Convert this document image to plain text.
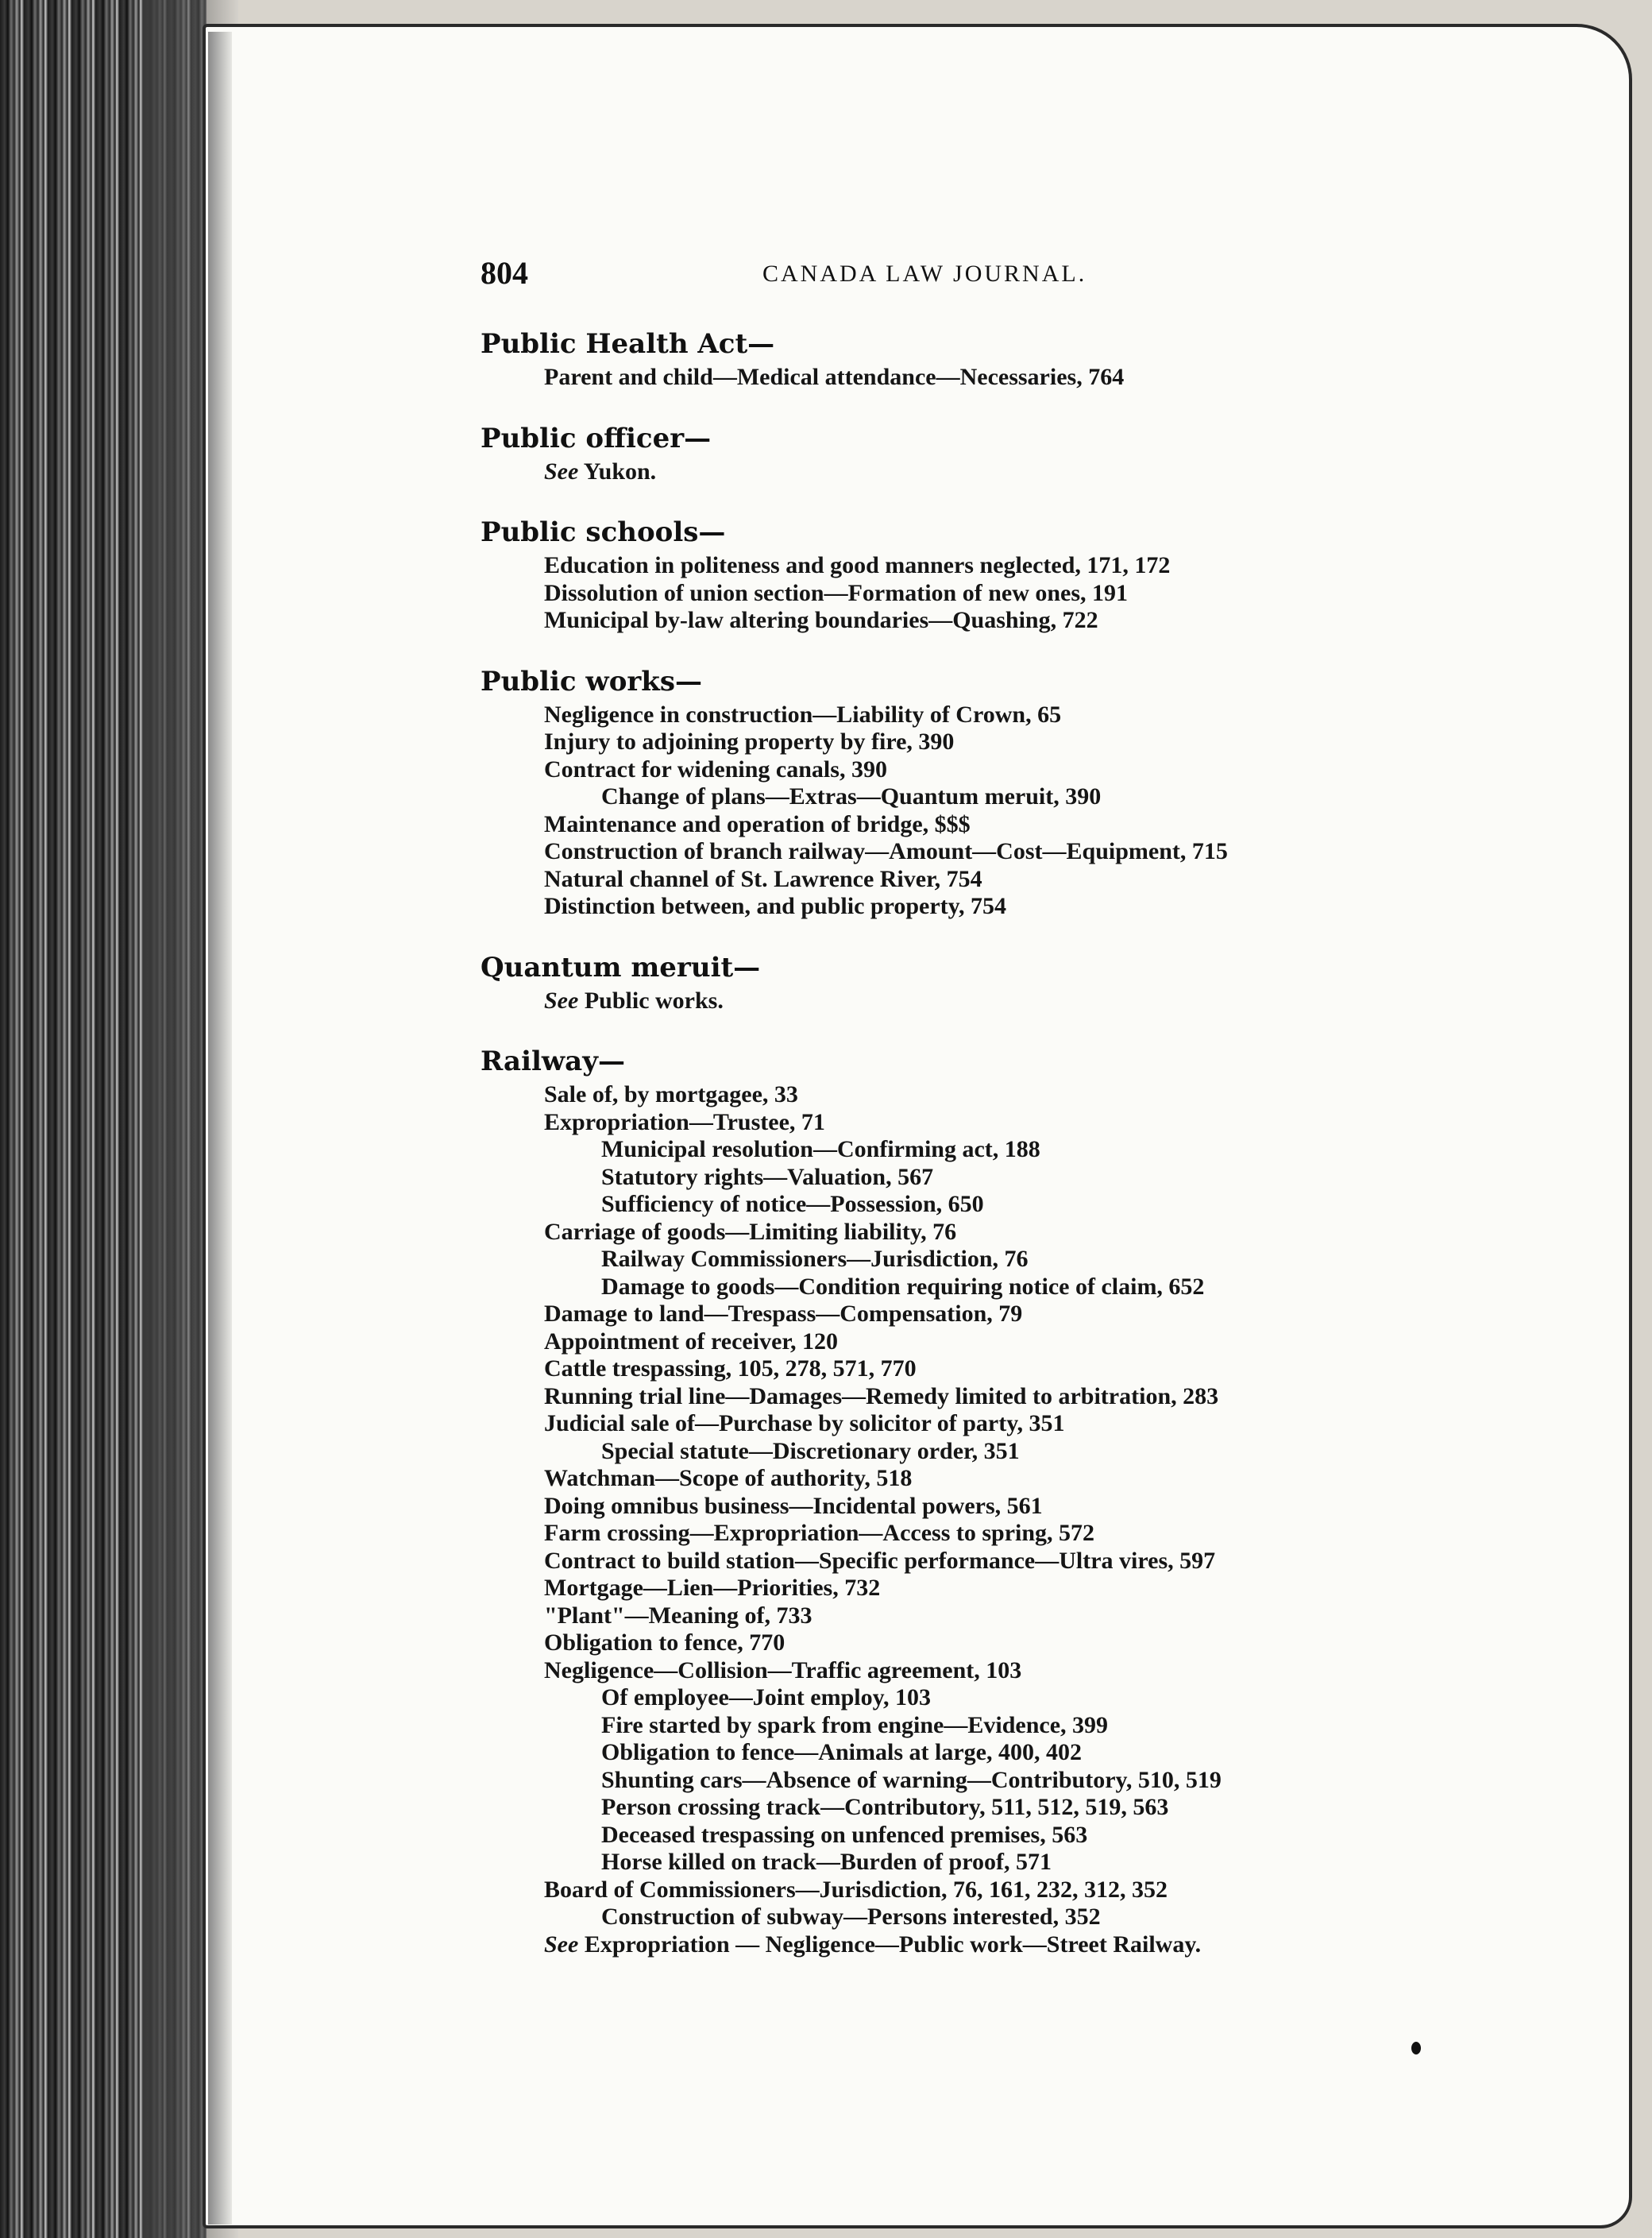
804	CANADA LAW JOURNAL.
Public Health Act—
Parent and child—Medical attendance—Necessaries, 764
Public officer—
See Yukon.
Public schools—
Education in politeness and good manners neglected, 171, 172
Dissolution of union section—Formation of new ones, 191
Municipal by-law altering boundaries—Quashing, 722
Public works—
Negligence in construction—Liability of Crown, 65
Injury to adjoining property by fire, 390
Contract for widening canals, 390
Change of plans—Extras—Quantum meruit, 390
Maintenance and operation of bridge, $$$
Construction of branch railway—Amount—Cost—Equipment, 715
Natural channel of St. Lawrence River, 754
Distinction between, and public property, 754
Quantum meruit—
See Public works.
Railway—
Sale of, by mortgagee, 33
Expropriation—Trustee, 71
Municipal resolution—Confirming act, 188
Statutory rights—Valuation, 567
Sufficiency of notice—Possession, 650
Carriage of goods—Limiting liability, 76
Railway Commissioners—Jurisdiction, 76
Damage to goods—Condition requiring notice of claim, 652
Damage to land—Trespass—Compensation, 79
Appointment of receiver, 120
Cattle trespassing, 105, 278, 571, 770
Running trial line—Damages—Remedy limited to arbitration, 283
Judicial sale of—Purchase by solicitor of party, 351
Special statute—Discretionary order, 351
Watchman—Scope of authority, 518
Doing omnibus business—Incidental powers, 561
Farm crossing—Expropriation—Access to spring, 572
Contract to build station—Specific performance—Ultra vires, 597
Mortgage—Lien—Priorities, 732
"Plant"—Meaning of, 733
Obligation to fence, 770
Negligence—Collision—Traffic agreement, 103
Of employee—Joint employ, 103
Fire started by spark from engine—Evidence, 399
Obligation to fence—Animals at large, 400, 402
Shunting cars—Absence of warning—Contributory, 510, 519
Person crossing track—Contributory, 511, 512, 519, 563
Deceased trespassing on unfenced premises, 563
Horse killed on track—Burden of proof, 571
Board of Commissioners—Jurisdiction, 76, 161, 232, 312, 352
Construction of subway—Persons interested, 352
See Expropriation — Negligence—Public work—Street Railway.
